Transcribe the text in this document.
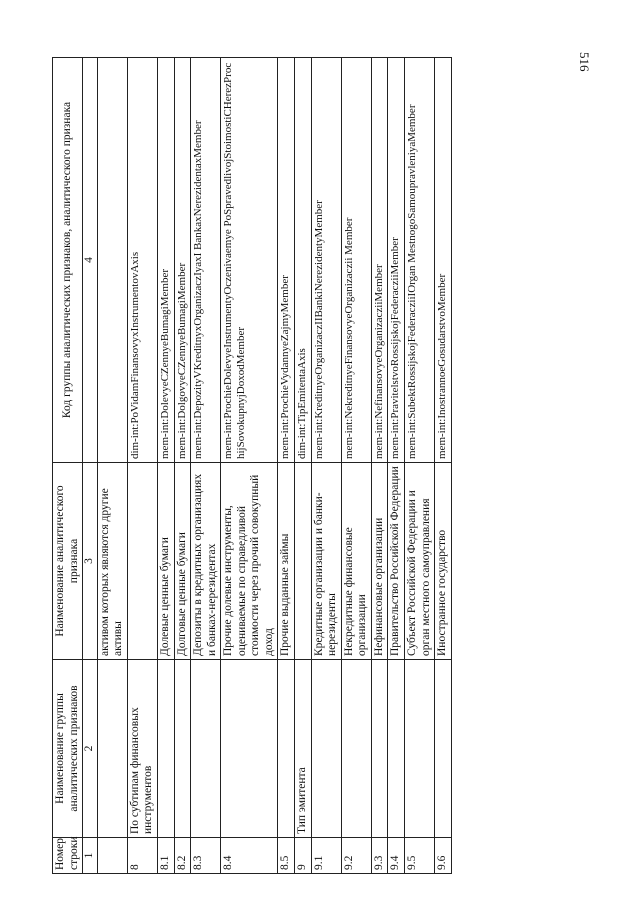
516
Номер строки	Наименование группы аналитических признаков	Наименование аналитического признака	Код группы аналитических признаков, аналитического признака
1	2	3	4
		активом которых являются другие активы	
8	По субтипам финансовых инструментов		dim-int:PoVidamFinansovyxInstrumentovAxis
8.1		Долевые ценные бумаги	mem-int:DolevyeCZennyeBumagiMember
8.2		Долговые ценные бумаги	mem-int:DolgovyeCZennyeBumagiMember
8.3		Депозиты в кредитных организациях и банках-нерезидентах	mem-int:DepozityVKreditnyxOrganizaczIyaxI BankaxNerezidentaxMember
8.4		Прочие долевые инструменты, оцениваемые по справедливой стоимости через прочий совокупный доход	mem-int:ProchieDolevyeInstrumentyOczenivaemye PoSpravedlivojStoimostiCHerezProchijSovokupnyjDoxodMember
8.5		Прочие выданные займы	mem-int:ProchieVydannyeZajmyMember
9	Тип эмитента		dim-int:TipEmitentaAxis
9.1		Кредитные организации и банки-нерезиденты	mem-int:KreditnyeOrganizaczIIBankiNerezidentyMember
9.2		Некредитные финансовые организации	mem-int:NekreditnyeFinansovyeOrganizaczii Member
9.3		Нефинансовые организации	mem-int:NefinansovyeOrganizacziiMember
9.4		Правительство Российской Федерации	mem-int:PravitelstvoRossijskojFederacziiMember
9.5		Субъект Российской Федерации и орган местного самоуправления	mem-int:SubektRossijskojFederacziiIOrgan MestnogoSamoupravleniyaMember
9.6		Иностранное государство	mem-int:InostrannoeGosudarstvoMember
